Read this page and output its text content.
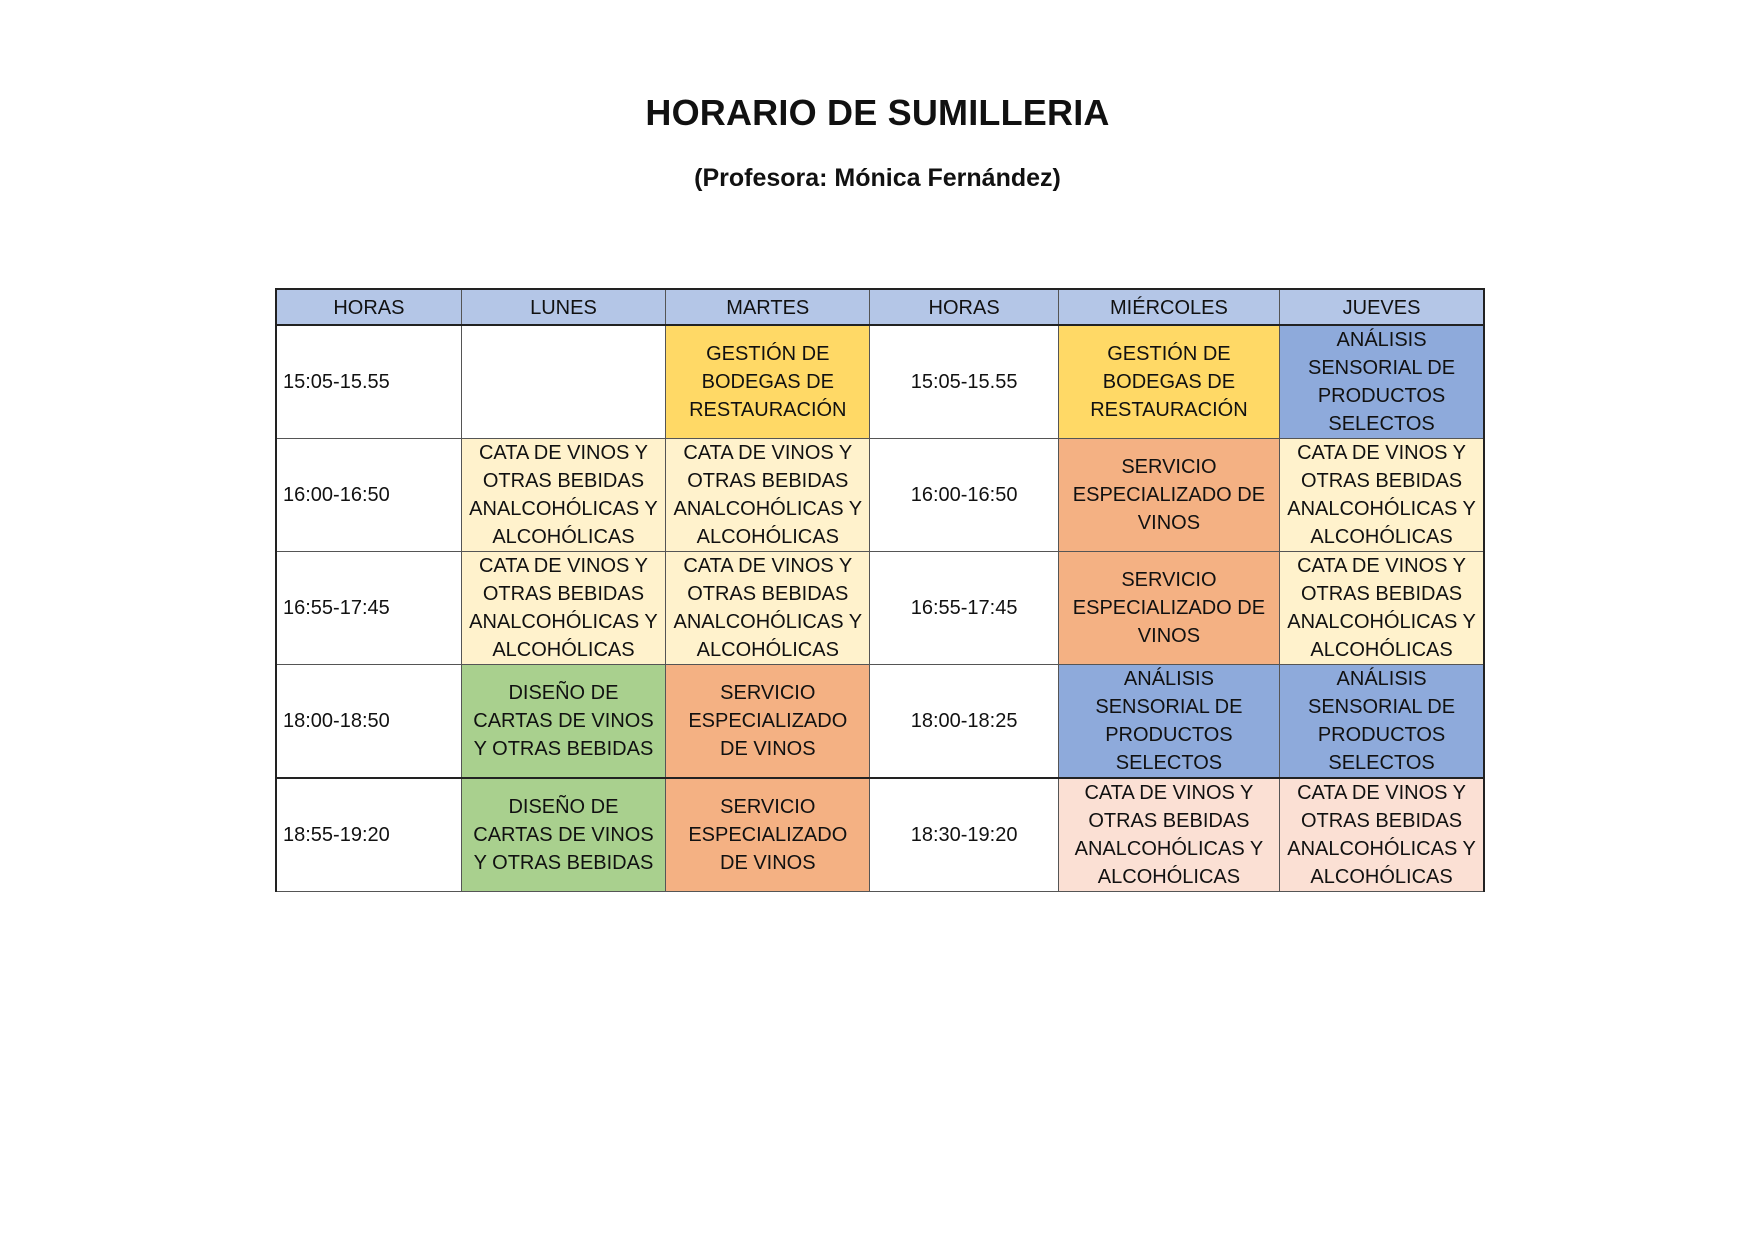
HORARIO DE SUMILLERIA
(Profesora: Mónica Fernández)
HORAS	LUNES	MARTES	HORAS	MIÉRCOLES	JUEVES
15:05-15.55		GESTIÓN DE BODEGAS DE RESTAURACIÓN	15:05-15.55	GESTIÓN DE BODEGAS DE RESTAURACIÓN	ANÁLISIS SENSORIAL DE PRODUCTOS SELECTOS
16:00-16:50	CATA DE VINOS Y OTRAS BEBIDAS ANALCOHÓLICAS Y ALCOHÓLICAS	CATA DE VINOS Y OTRAS BEBIDAS ANALCOHÓLICAS Y ALCOHÓLICAS	16:00-16:50	SERVICIO ESPECIALIZADO DE VINOS	CATA DE VINOS Y OTRAS BEBIDAS ANALCOHÓLICAS Y ALCOHÓLICAS
16:55-17:45	CATA DE VINOS Y OTRAS BEBIDAS ANALCOHÓLICAS Y ALCOHÓLICAS	CATA DE VINOS Y OTRAS BEBIDAS ANALCOHÓLICAS Y ALCOHÓLICAS	16:55-17:45	SERVICIO ESPECIALIZADO DE VINOS	CATA DE VINOS Y OTRAS BEBIDAS ANALCOHÓLICAS Y ALCOHÓLICAS
18:00-18:50	DISEÑO DE CARTAS DE VINOS Y OTRAS BEBIDAS	SERVICIO ESPECIALIZADO DE VINOS	18:00-18:25	ANÁLISIS SENSORIAL DE PRODUCTOS SELECTOS	ANÁLISIS SENSORIAL DE PRODUCTOS SELECTOS
18:55-19:20	DISEÑO DE CARTAS DE VINOS Y OTRAS BEBIDAS	SERVICIO ESPECIALIZADO DE VINOS	18:30-19:20	CATA DE VINOS Y OTRAS BEBIDAS ANALCOHÓLICAS Y ALCOHÓLICAS	CATA DE VINOS Y OTRAS BEBIDAS ANALCOHÓLICAS Y ALCOHÓLICAS
